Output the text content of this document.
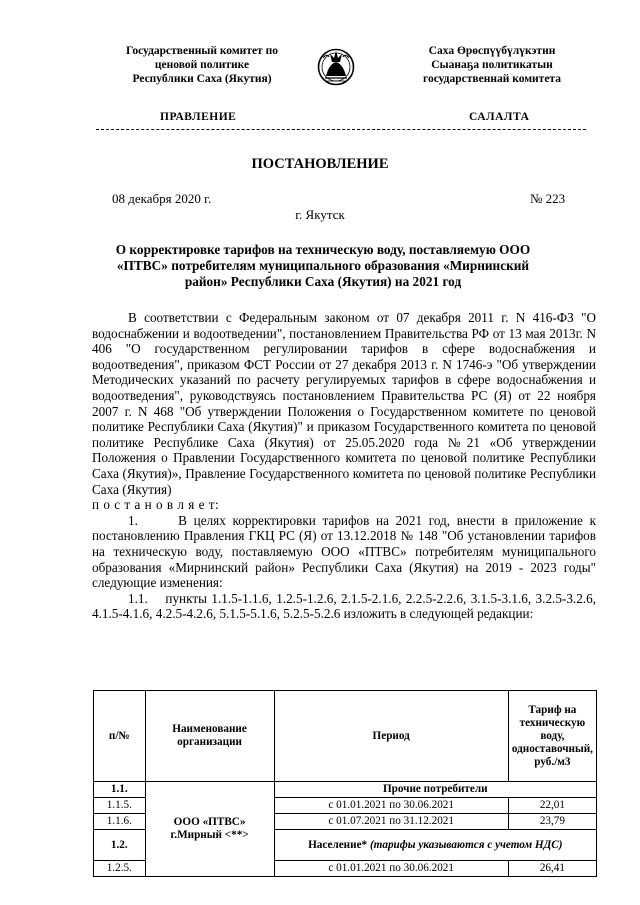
Государственный комитет по
ценовой политике
Республики Саха (Якутия)
Саха Өрөспүүбүлүкэтин
Сыанаҕа политикатын
государственнай комитета
ПРАВЛЕНИЕ	САЛАЛТА
ПОСТАНОВЛЕНИЕ
08 декабря 2020 г.	№ 223
г. Якутск
О корректировке тарифов на техническую воду, поставляемую ООО «ПТВС» потребителям муниципального образования «Мирнинский район» Республики Саха (Якутия) на 2021 год

В соответствии с Федеральным законом от 07 декабря 2011 г. N 416-ФЗ "О водоснабжении и водоотведении", постановлением Правительства РФ от 13 мая 2013г. N 406 "О государственном регулировании тарифов в сфере водоснабжения и водоотведения", приказом ФСТ России от 27 декабря 2013 г. N 1746-э "Об утверждении Методических указаний по расчету регулируемых тарифов в сфере водоснабжения и водоотведения", руководствуясь постановлением Правительства РС (Я) от 22 ноября 2007 г. N 468 "Об утверждении Положения о Государственном комитете по ценовой политике Республики Саха (Якутия)" и приказом Государственного комитета по ценовой политике Республике Саха (Якутия) от 25.05.2020 года №21 «Об утверждении Положения о Правлении Государственного комитета по ценовой политике Республики Саха (Якутия)», Правление Государственного комитета по ценовой политике Республики Саха (Якутия)

п о с т а н о в л я е т:

1.      В целях корректировки тарифов на 2021 год, внести в приложение к постановлению Правления ГКЦ РС (Я) от 13.12.2018 № 148 "Об установлении тарифов на техническую воду, поставляемую ООО «ПТВС» потребителям муниципального образования «Мирнинский район» Республики Саха (Якутия) на 2019 - 2023 годы" следующие изменения:

1.1.    пункты 1.1.5-1.1.6, 1.2.5-1.2.6, 2.1.5-2.1.6, 2.2.5-2.2.6, 3.1.5-3.1.6, 3.2.5-3.2.6, 4.1.5-4.1.6, 4.2.5-4.2.6, 5.1.5-5.1.6, 5.2.5-5.2.6 изложить в следующей редакции:

п/№	Наименование организации	Период	Тариф на техническую воду, одноставочный, руб./м3
1.1.	ООО «ПТВС» г.Мирный <**>	Прочие потребители	
1.1.5.		с 01.01.2021 по 30.06.2021	22,01
1.1.6.		с 01.07.2021 по 31.12.2021	23,79
1.2.		Население* (тарифы указываются с учетом НДС)	
1.2.5.		с 01.01.2021 по 30.06.2021	26,41
